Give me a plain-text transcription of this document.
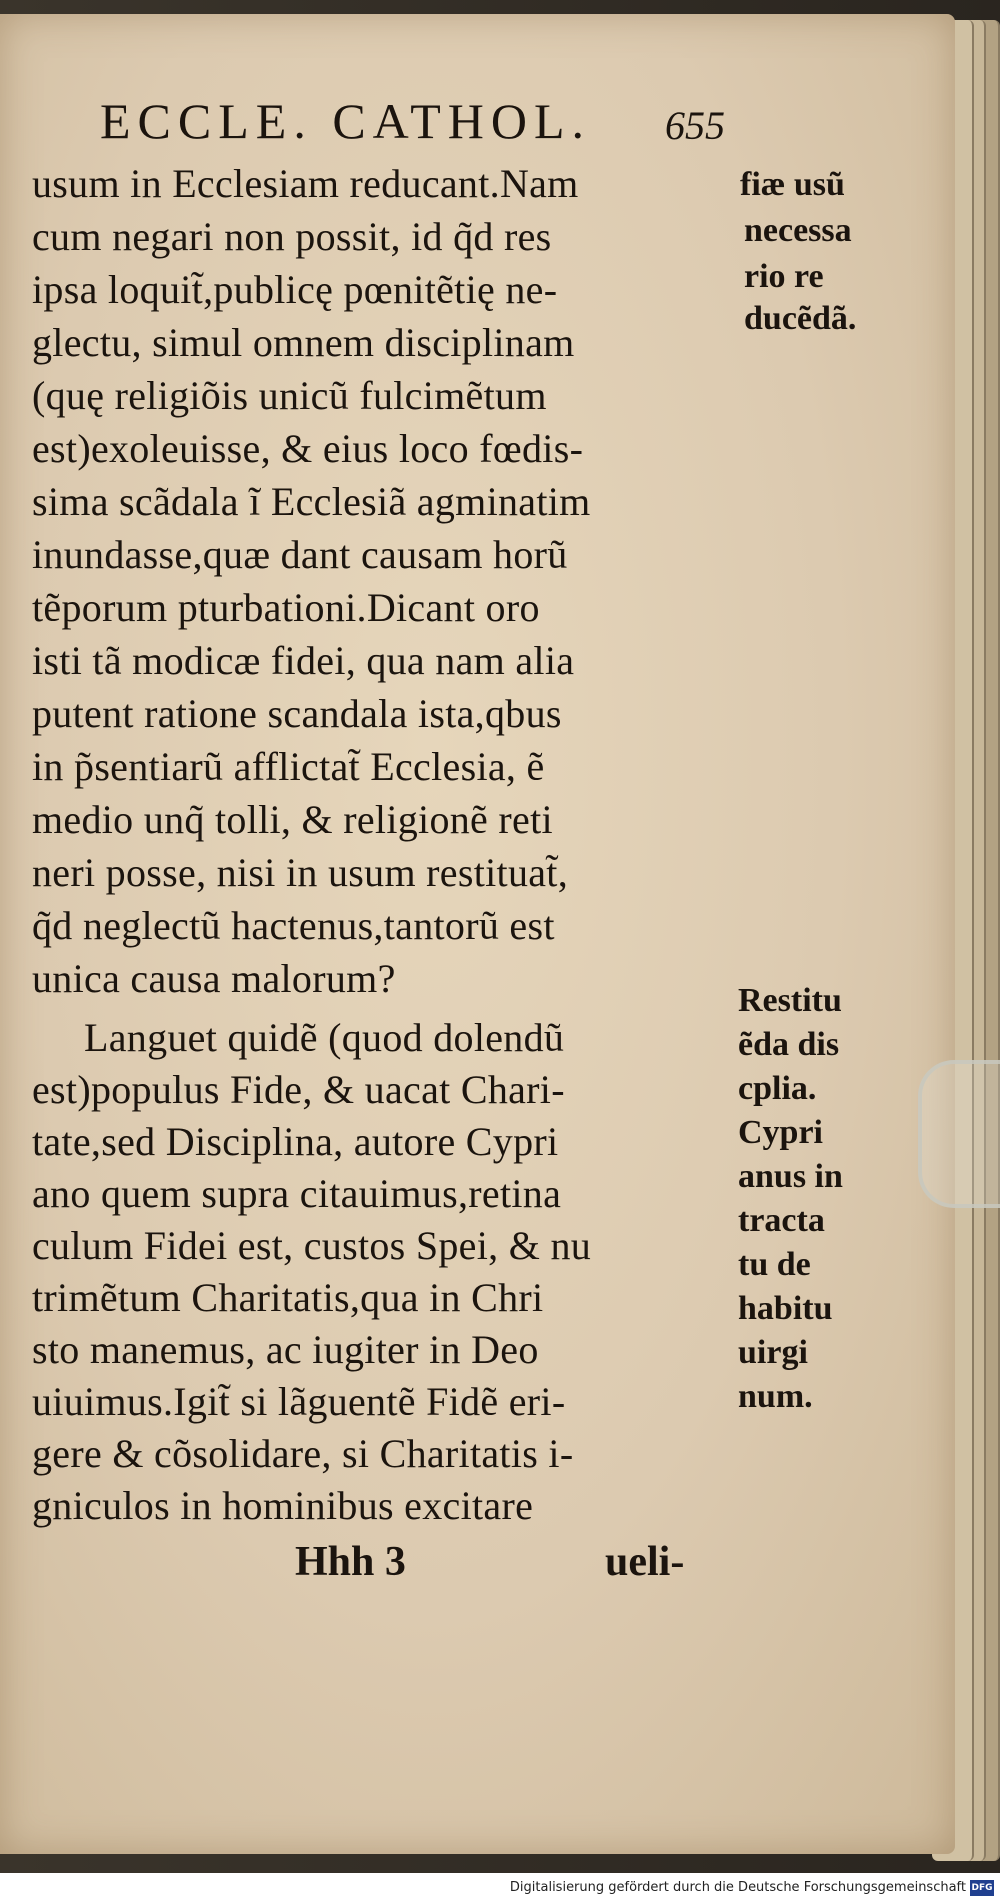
ECCLE. CATHOL. 655
usum in Ecclesiam reducant.Nam
cum negari non possit, id q̃d res
ipsa loquit̃,publicę pœnitẽtię ne-
glectu, simul omnem disciplinam
(quę religiõis unicũ fulcimẽtum
est)exoleuisse, & eius loco fœdis-
sima scãdala ĩ Ecclesiã agminatim
inundasse,quæ dant causam horũ
tẽporum pturbationi.Dicant oro
isti tã modicæ fidei, qua nam alia
putent ratione scandala ista,qbus
in p̃sentiarũ afflictat̃ Ecclesia, ẽ
medio unq̃ tolli, & religionẽ reti
neri posse, nisi in usum restituat̃,
q̃d neglectũ hactenus,tantorũ est
unica causa malorum?
Languet quidẽ (quod dolendũ
est)populus Fide, & uacat Chari-
tate,sed Disciplina, autore Cypri
ano quem supra citauimus,retina
culum Fidei est, custos Spei, & nu
trimẽtum Charitatis,qua in Chri
sto manemus, ac iugiter in Deo
uiuimus.Igit̃ si lãguentẽ Fidẽ eri-
gere & cõsolidare, si Charitatis i-
fiæ usũ
necessa
rio re
ducẽdã.
Restitu
ẽda dis
cplia.
Cypri
anus in
tracta
tu de
habitu
uirgi
num.
gniculos in hominibus excitare
Hhh 3	ueli-
Digitalisierung gefördert durch die Deutsche Forschungsgemeinschaft DFG
